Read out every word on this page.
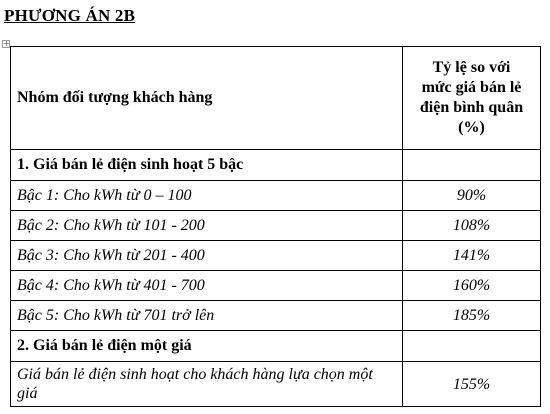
PHƯƠNG ÁN 2B
+
Nhóm đối tượng khách hàng	Tỷ lệ so với
mức giá bán lẻ
điện bình quân
(%)

1. Giá bán lẻ điện sinh hoạt 5 bậc	
Bậc 1: Cho kWh từ 0 – 100	90%
Bậc 2: Cho kWh từ 101 - 200	108%
Bậc 3: Cho kWh từ 201 - 400	141%
Bậc 4: Cho kWh từ 401 - 700	160%
Bậc 5: Cho kWh từ 701 trở lên	185%
2. Giá bán lẻ điện một giá	
Giá bán lẻ điện sinh hoạt cho khách hàng lựa chọn một giá	155%
